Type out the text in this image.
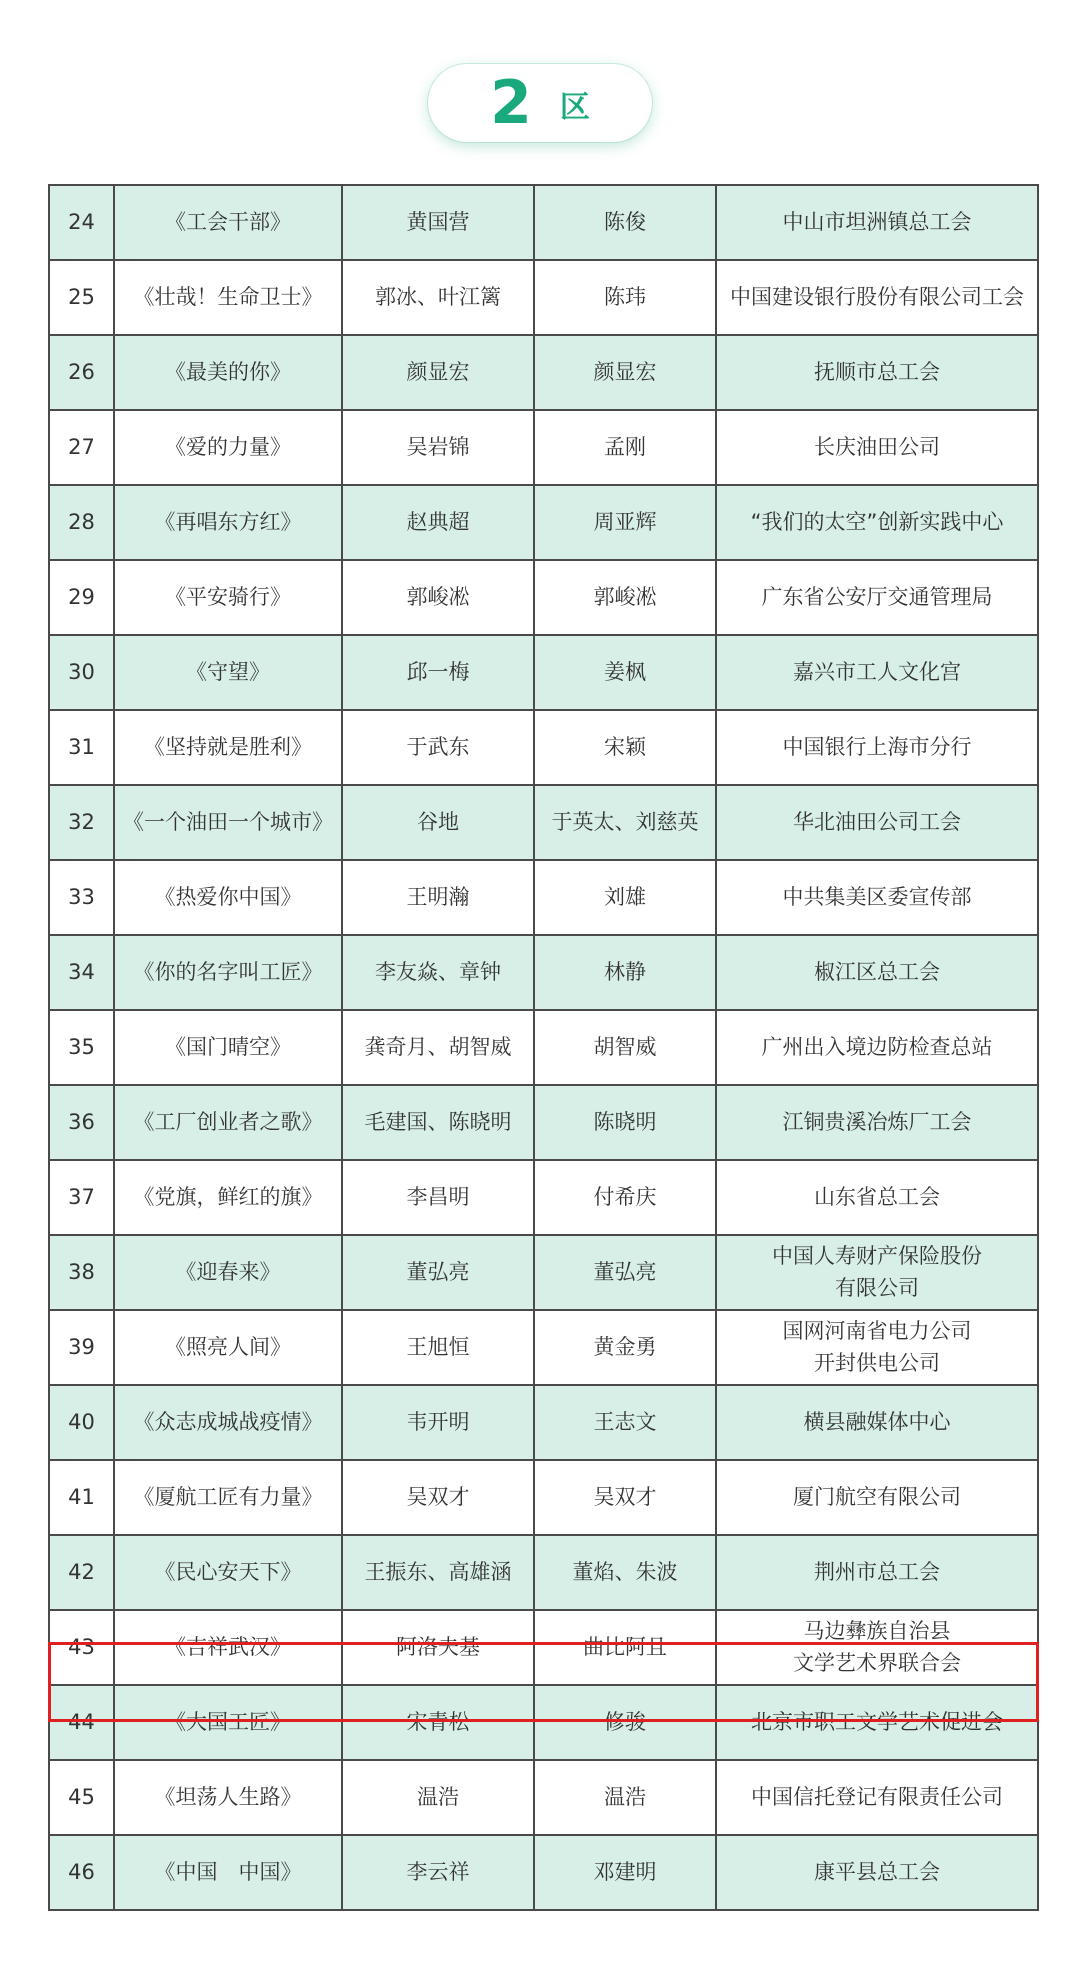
2 区
24	《工会干部》	黄国营	陈俊	中山市坦洲镇总工会
25	《壮哉！生命卫士》	郭冰、叶江篱	陈玮	中国建设银行股份有限公司工会
26	《最美的你》	颜显宏	颜显宏	抚顺市总工会
27	《爱的力量》	吴岩锦	孟刚	长庆油田公司
28	《再唱东方红》	赵典超	周亚辉	“我们的太空”创新实践中心
29	《平安骑行》	郭峻凇	郭峻凇	广东省公安厅交通管理局
30	《守望》	邱一梅	姜枫	嘉兴市工人文化宫
31	《坚持就是胜利》	于武东	宋颖	中国银行上海市分行
32	《一个油田一个城市》	谷地	于英太、刘慈英	华北油田公司工会
33	《热爱你中国》	王明瀚	刘雄	中共集美区委宣传部
34	《你的名字叫工匠》	李友焱、章钟	林静	椒江区总工会
35	《国门晴空》	龚奇月、胡智威	胡智威	广州出入境边防检查总站
36	《工厂创业者之歌》	毛建国、陈晓明	陈晓明	江铜贵溪冶炼厂工会
37	《党旗，鲜红的旗》	李昌明	付希庆	山东省总工会
38	《迎春来》	董弘亮	董弘亮	中国人寿财产保险股份
有限公司
39	《照亮人间》	王旭恒	黄金勇	国网河南省电力公司
开封供电公司
40	《众志成城战疫情》	韦开明	王志文	横县融媒体中心
41	《厦航工匠有力量》	吴双才	吴双才	厦门航空有限公司
42	《民心安天下》	王振东、高雄涵	董焰、朱波	荆州市总工会
43	《吉祥武汉》	阿洛夫基	曲比阿且	马边彝族自治县
文学艺术界联合会
44	《大国工匠》	宋青松	修骏	北京市职工文学艺术促进会
45	《坦荡人生路》	温浩	温浩	中国信托登记有限责任公司
46	《中国　中国》	李云祥	邓建明	康平县总工会
